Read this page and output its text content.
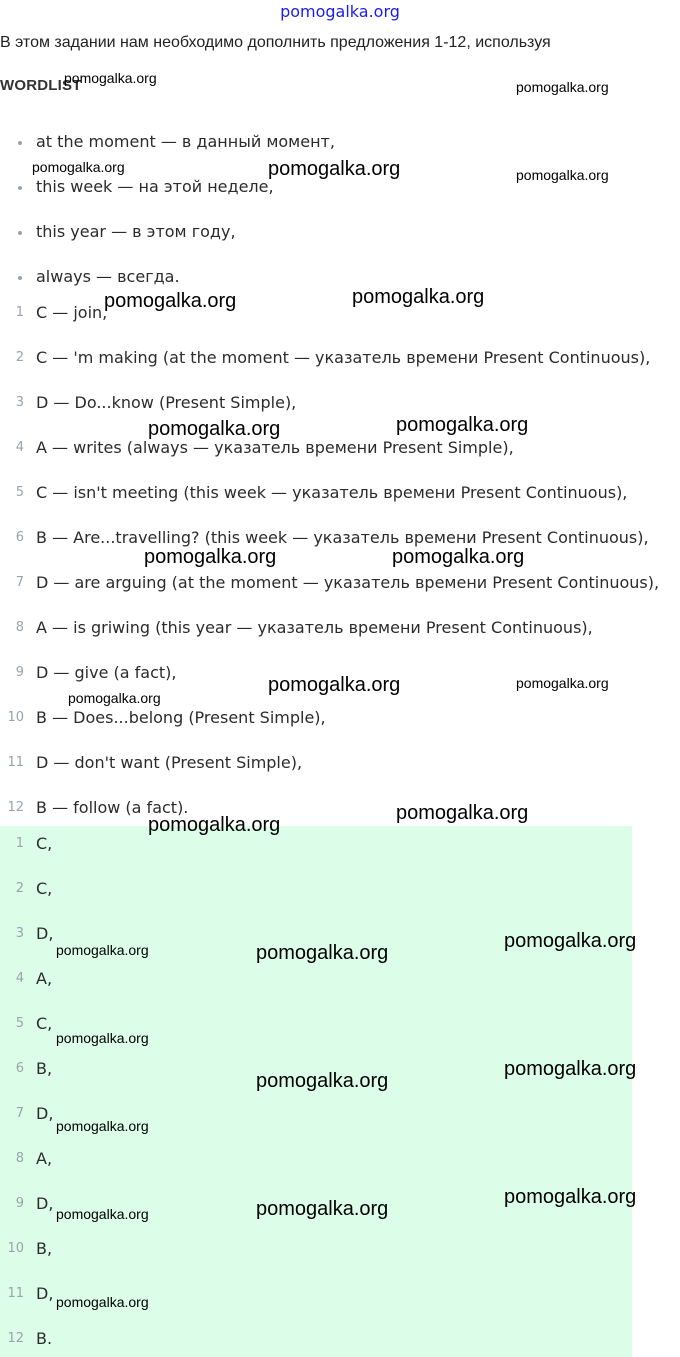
pomogalka.org
В этом задании нам необходимо дополнить предложения 1-12, используя
WORDLIST
at the moment — в данный момент,
this week — на этой неделе,
this year — в этом году,
always — всегда.
1 C — join,
2 C — 'm making (at the moment — указатель времени Present Continuous),
3 D — Do...know (Present Simple),
4 A — writes (always — указатель времени Present Simple),
5 C — isn't meeting (this week — указатель времени Present Continuous),
6 B — Are...travelling? (this week — указатель времени Present Continuous),
7 D — are arguing (at the moment — указатель времени Present Continuous),
8 A — is griwing (this year — указатель времени Present Continuous),
9 D — give (a fact),
10 B — Does...belong (Present Simple),
11 D — don't want (Present Simple),
12 B — follow (a fact).
1 C,
2 C,
3 D,
4 A,
5 C,
6 B,
7 D,
8 A,
9 D,
10 B,
11 D,
12 B.
pomogalka.org
pomogalka.org
pomogalka.org	pomogalka.org	pomogalka.org
pomogalka.org	pomogalka.org
pomogalka.org	pomogalka.org
pomogalka.org	pomogalka.org
pomogalka.org	pomogalka.org
pomogalka.org
pomogalka.org
pomogalka.org
pomogalka.org
pomogalka.org	pomogalka.org
pomogalka.org
pomogalka.org
pomogalka.org
pomogalka.org
pomogalka.org
pomogalka.org
pomogalka.org
pomogalka.org
